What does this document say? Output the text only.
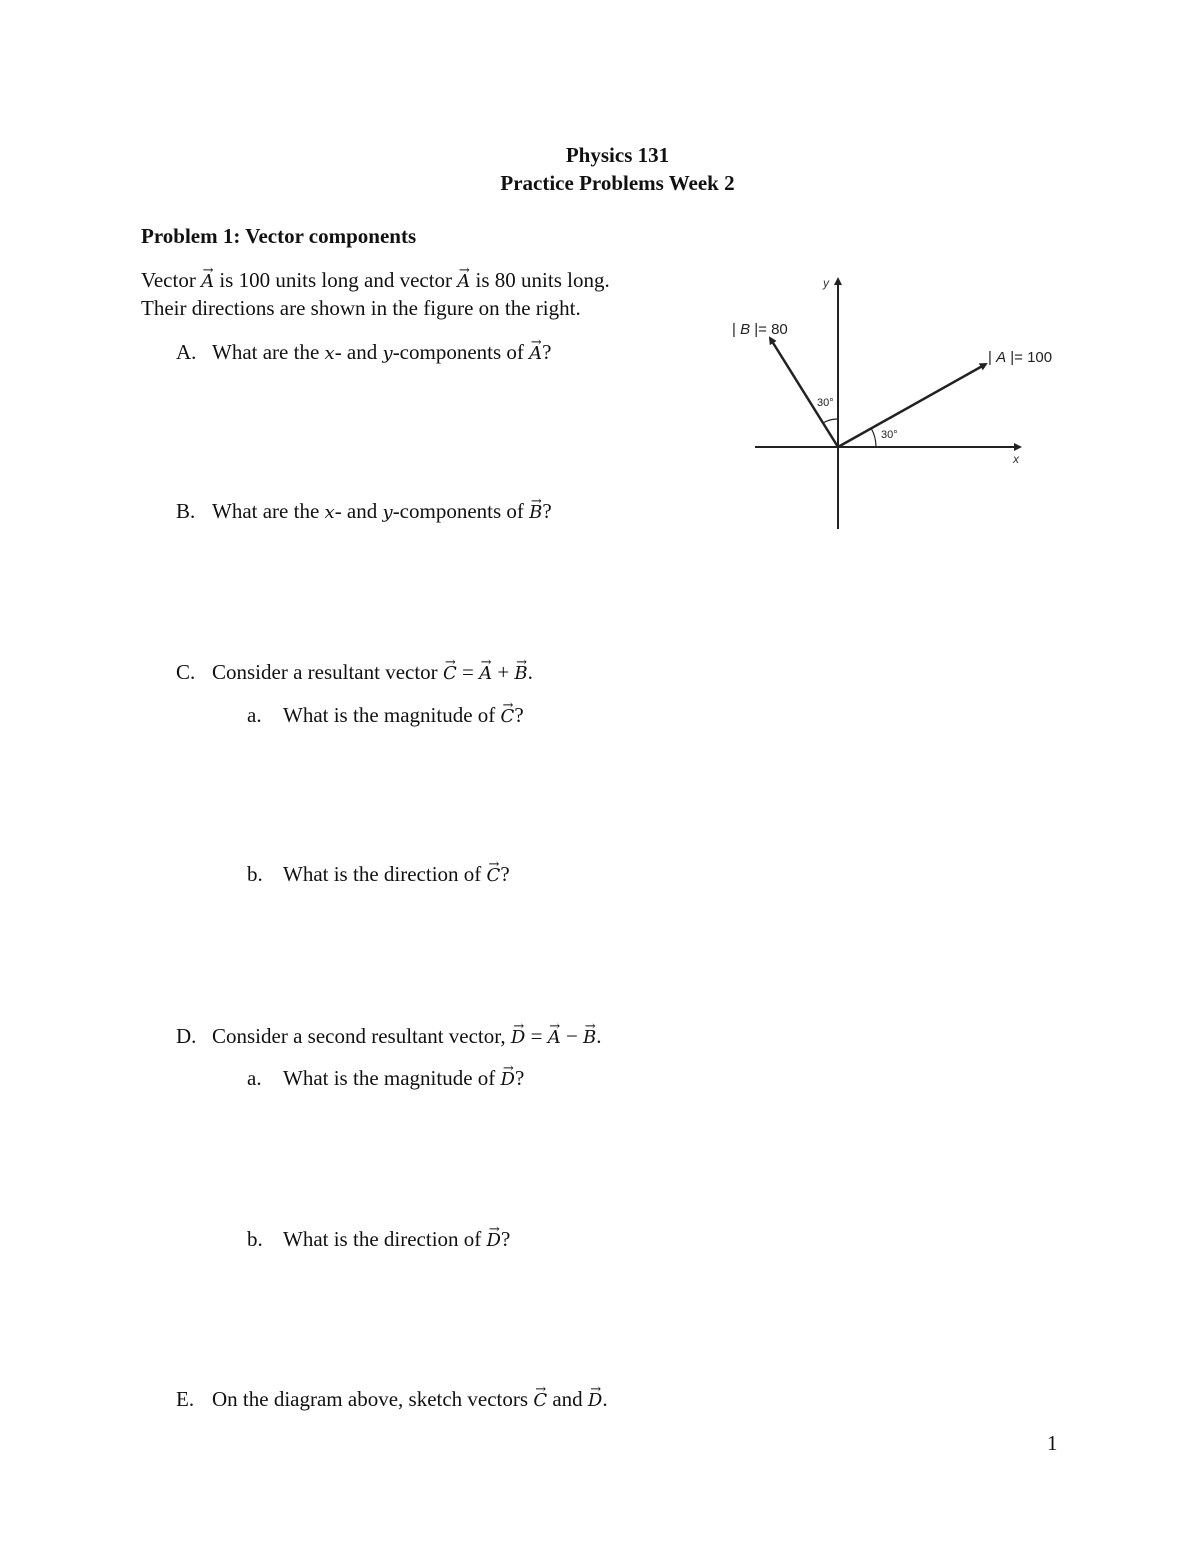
Physics 131
Practice Problems Week 2
Problem 1: Vector components
Vector → A is 100 units long and vector → A is 80 units long.
Their directions are shown in the figure on the right.
A. What are the x- and y-components of → A?
B. What are the x- and y-components of → B?
C. Consider a resultant vector → C = → A + → B.
a. What is the magnitude of → C?
b. What is the direction of → C?
D. Consider a second resultant vector, → D = → A − → B.
a. What is the magnitude of → D?
b. What is the direction of → D?
E. On the diagram above, sketch vectors → C and → D.
y
x
30°
30°
| B |= 80
| A |= 100
1
